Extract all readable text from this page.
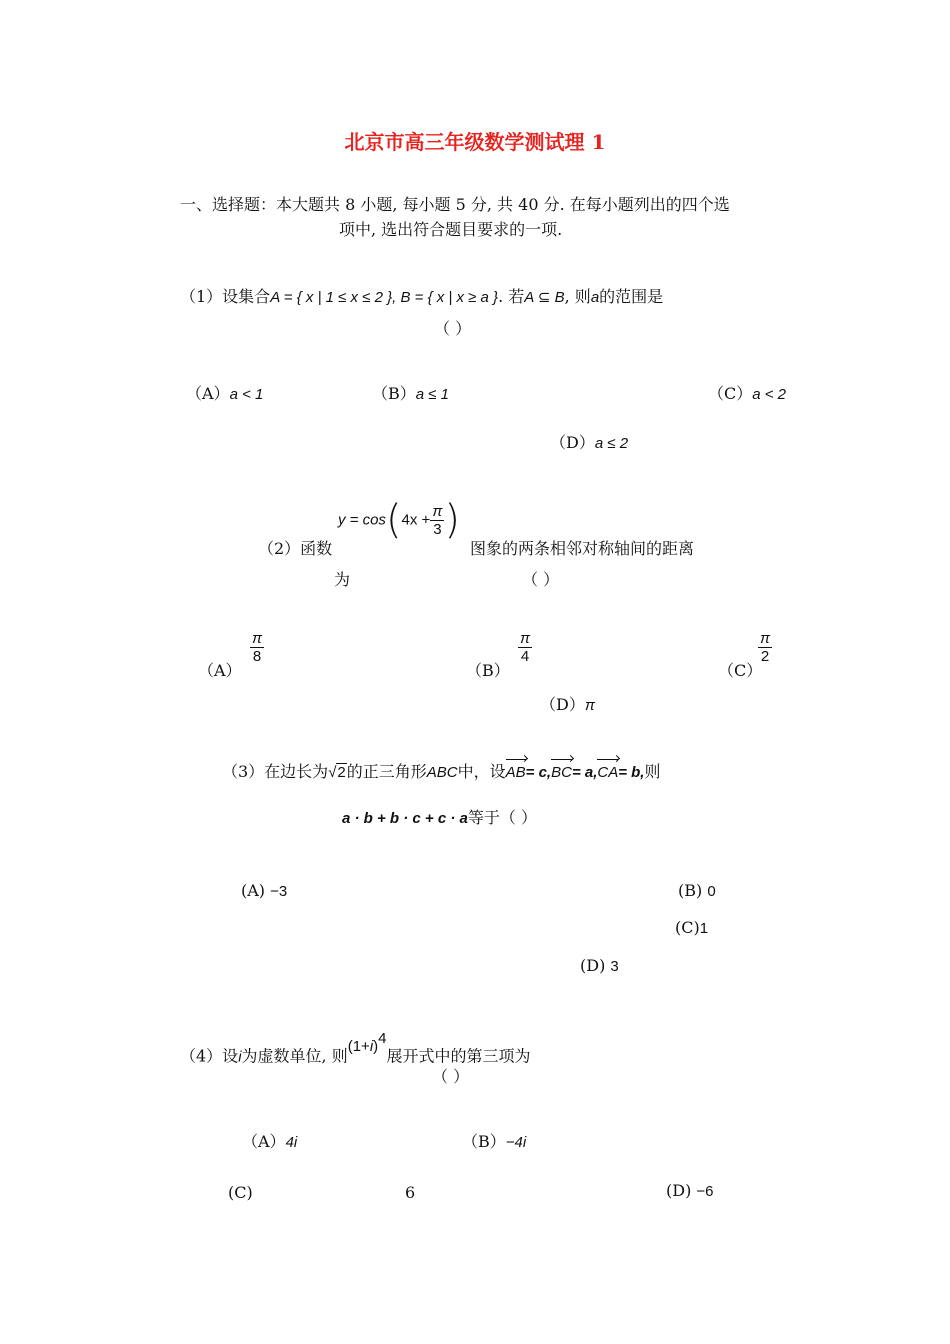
北京市高三年级数学测试理 1
一、选择题：本大题共 8 小题, 每小题 5 分, 共 40 分. 在每小题列出的四个选
项中, 选出符合题目要求的一项.
（1）设集合A = { x | 1 ≤ x ≤ 2 }, B = { x | x ≥ a }. 若A ⊆ B, 则a的范围是
（ ）
（A）a < 1	（B）a ≤ 1	（C）a < 2
（D）a ≤ 2
$y = \cos(4x + \frac{\pi}{3}$ )
（2）函数	图象的两条相邻对称轴间的距离
为	（ ）
（A）
$\frac{\pi}{8}$
（B）
$\frac{\pi}{4}$
（C）
$\frac{\pi}{2}$
（D）π
（3）在边长为√2的正三角形ABC中，设AB= c,BC= a,CA= b,则
a · b + b · c + c · a等于（ ）
(A) −3	(B) 0
(C)1
(D) 3
（4）设i为虚数单位, 则$(1+i)^4$展开式中的第三项为
（ ）
（A）4i	（B）−4i
(C)	6	(D) −6
